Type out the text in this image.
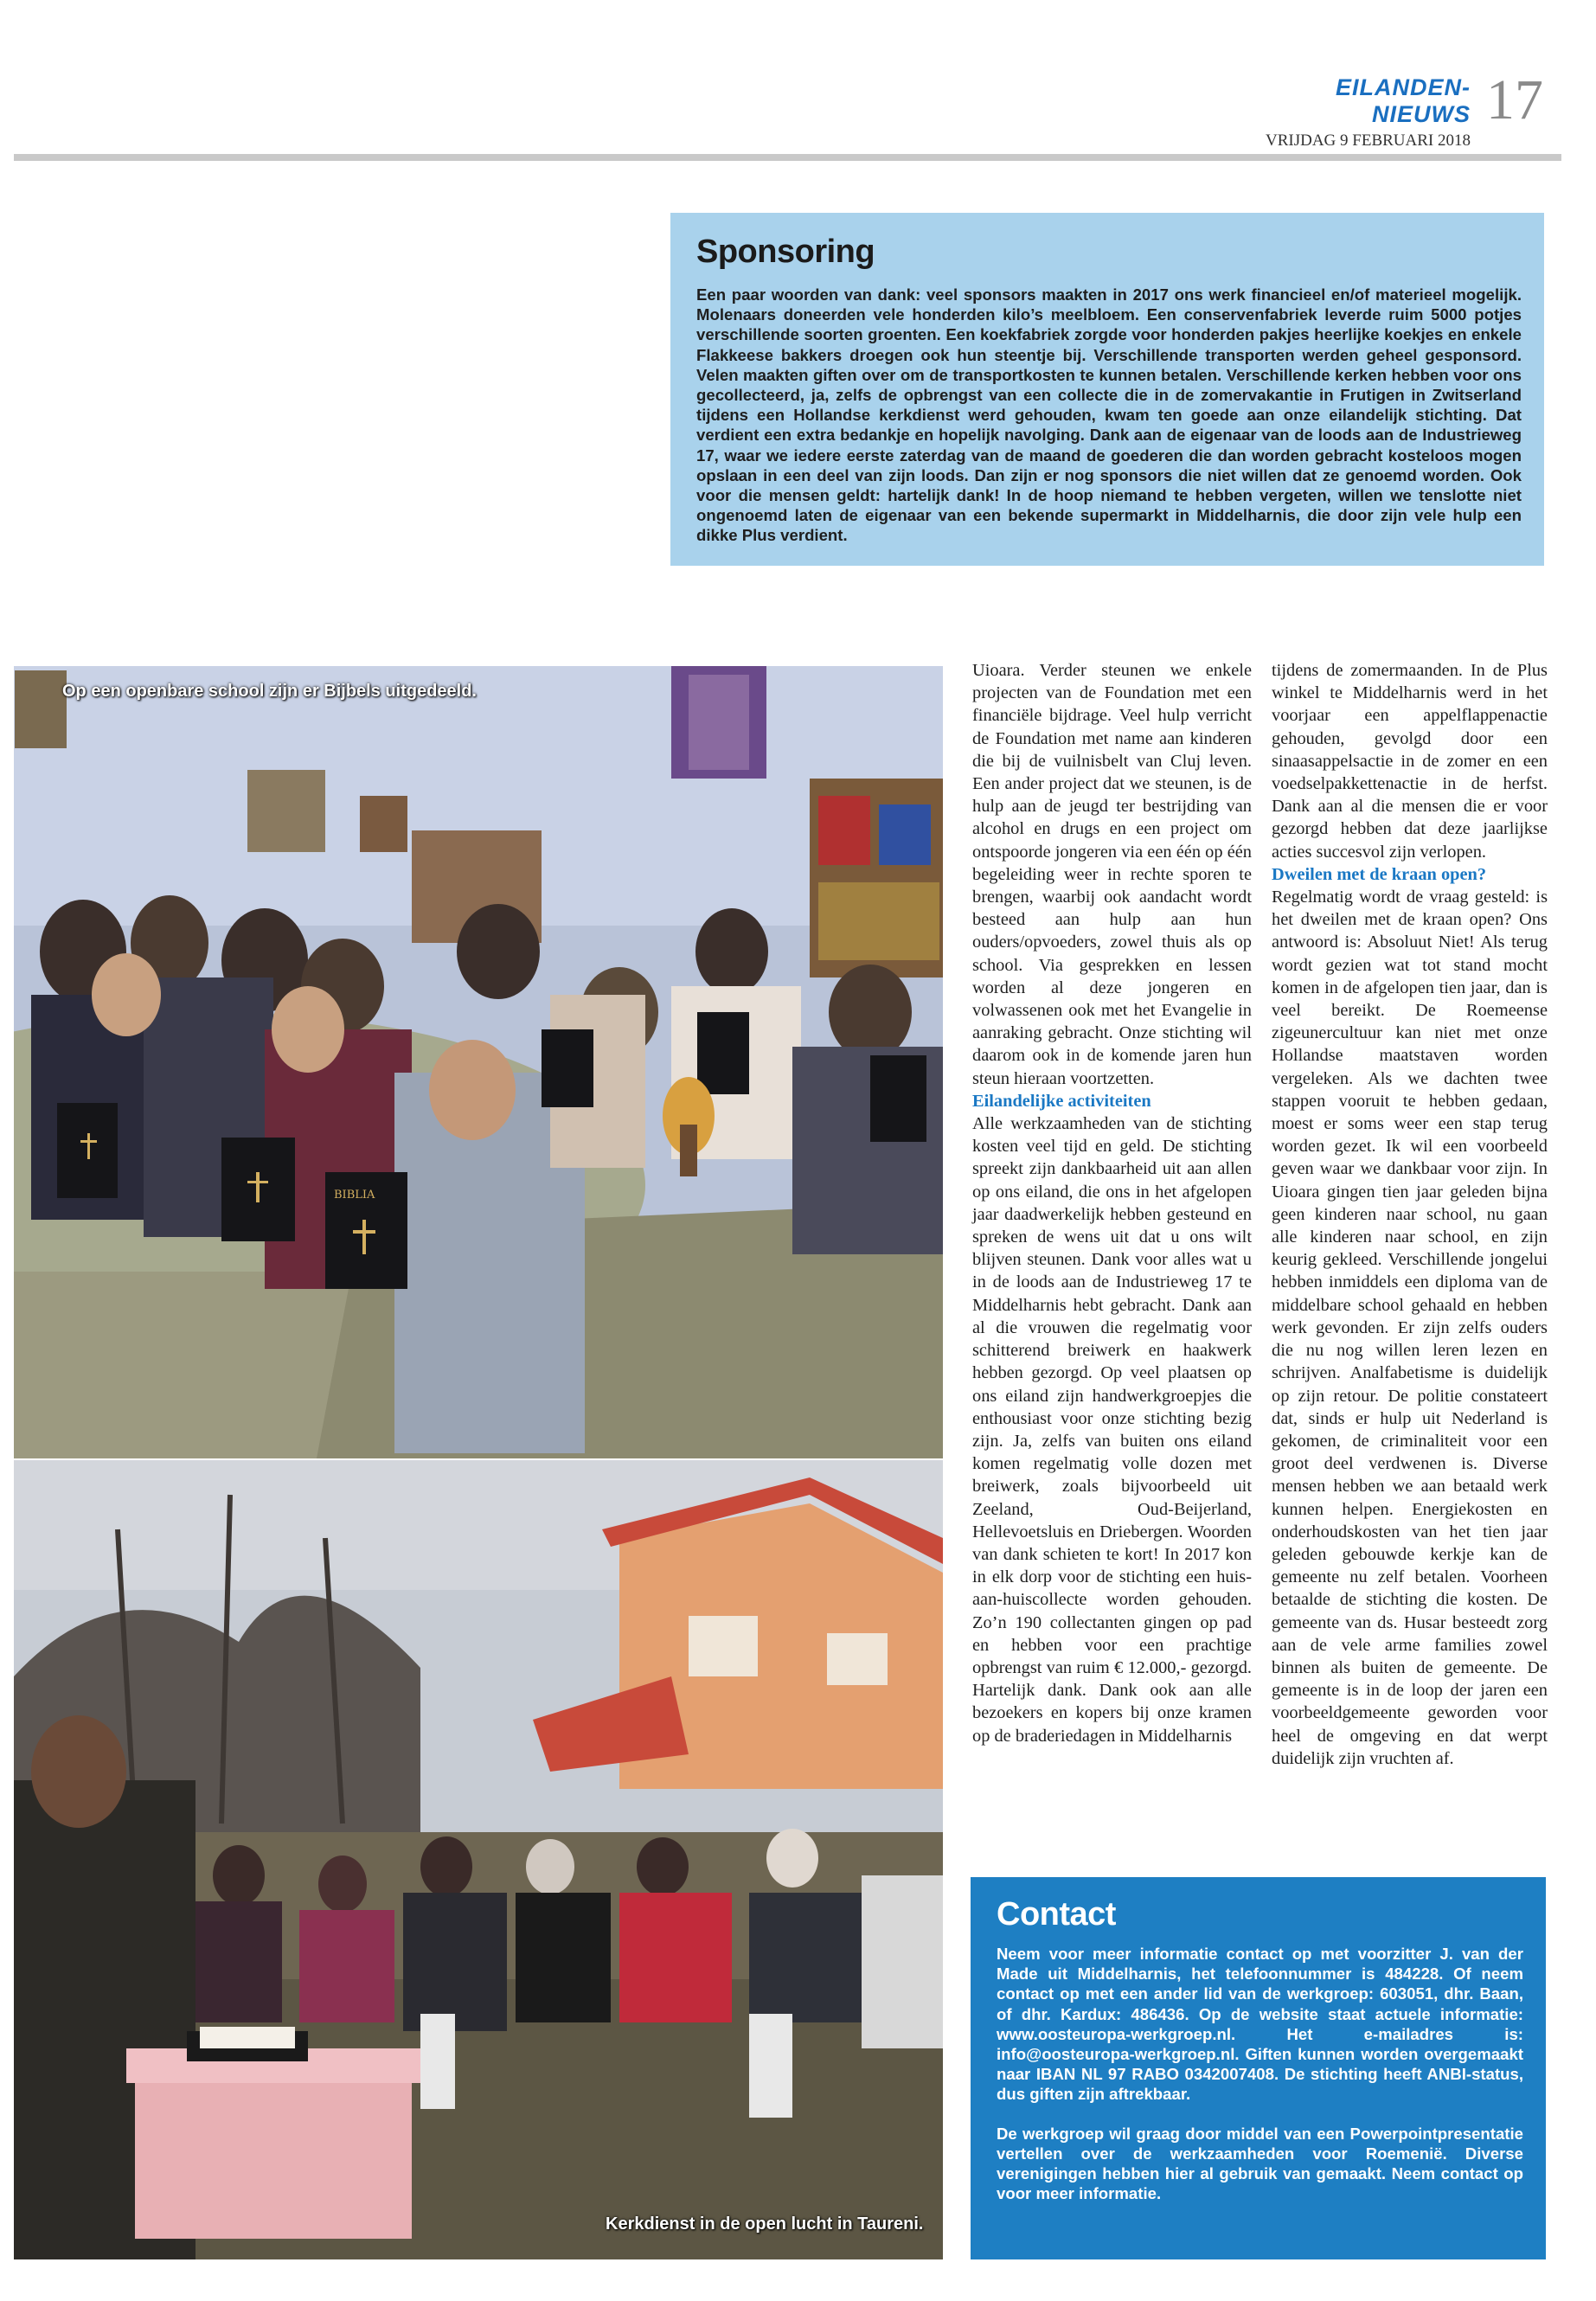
EILANDEN-NIEUWS
VRIJDAG 9 FEBRUARI 2018
17
Sponsoring
Een paar woorden van dank: veel sponsors maakten in 2017 ons werk financieel en/of materieel mogelijk. Molenaars doneerden vele honderden kilo’s meelbloem. Een conservenfabriek leverde ruim 5000 potjes verschillende soorten groenten. Een koekfabriek zorgde voor honderden pakjes heerlijke koekjes en enkele Flakkeese bakkers droegen ook hun steentje bij. Verschillende transporten werden geheel gesponsord. Velen maakten giften over om de transportkosten te kunnen betalen. Verschillende kerken hebben voor ons gecollecteerd, ja, zelfs de opbrengst van een collecte die in de zomervakantie in Frutigen in Zwitserland tijdens een Hollandse kerkdienst werd gehouden, kwam ten goede aan onze eilandelijk stichting. Dat verdient een extra bedankje en hopelijk navolging. Dank aan de eigenaar van de loods aan de Industrieweg 17, waar we iedere eerste zaterdag van de maand de goederen die dan worden gebracht kosteloos mogen opslaan in een deel van zijn loods. Dan zijn er nog sponsors die niet willen dat ze genoemd worden. Ook voor die mensen geldt: hartelijk dank! In de hoop niemand te hebben vergeten, willen we tenslotte niet ongenoemd laten de eigenaar van een bekende supermarkt in Middelharnis, die door zijn vele hulp een dikke Plus verdient.
BIBLIA
Op een openbare school zijn er Bijbels uitgedeeld.
Kerkdienst in de open lucht in Taureni.

Uioara. Verder steunen we enkele projecten van de Foundation met een financiële bijdrage. Veel hulp verricht de Foundation met name aan kinderen die bij de vuilnisbelt van Cluj leven. Een ander project dat we steunen, is de hulp aan de jeugd ter bestrijding van alcohol en drugs en een project om ontspoorde jongeren via een één op één begeleiding weer in rechte sporen te brengen, waarbij ook aandacht wordt besteed aan hulp aan hun ouders/opvoeders, zowel thuis als op school. Via gesprekken en lessen worden al deze jongeren en volwassenen ook met het Evangelie in aanraking gebracht. Onze stichting wil daarom ook in de komende jaren hun steun hieraan voortzetten.

Eilandelijke activiteiten

Alle werkzaamheden van de stichting kosten veel tijd en geld. De stichting spreekt zijn dankbaarheid uit aan allen op ons eiland, die ons in het afgelopen jaar daadwerkelijk hebben gesteund en spreken de wens uit dat u ons wilt blijven steunen. Dank voor alles wat u in de loods aan de Industrieweg 17 te Middelharnis hebt gebracht. Dank aan al die vrouwen die regelmatig voor schitterend breiwerk en haakwerk hebben gezorgd. Op veel plaatsen op ons eiland zijn handwerkgroepjes die enthousiast voor onze stichting bezig zijn. Ja, zelfs van buiten ons eiland komen regelmatig volle dozen met breiwerk, zoals bijvoorbeeld uit Zeeland, Oud-Beijerland, Hellevoetsluis en Driebergen. Woorden van dank schieten te kort! In 2017 kon in elk dorp voor de stichting een huis-aan-huiscollecte worden gehouden. Zo’n 190 collectanten gingen op pad en hebben voor een prachtige opbrengst van ruim € 12.000,- gezorgd. Hartelijk dank. Dank ook aan alle bezoekers en kopers bij onze kramen op de braderiedagen in Middelharnis

tijdens de zomermaanden. In de Plus winkel te Middelharnis werd in het voorjaar een appelflappenactie gehouden, gevolgd door een sinaasappelsactie in de zomer en een voedselpakkettenactie in de herfst. Dank aan al die mensen die er voor gezorgd hebben dat deze jaarlijkse acties succesvol zijn verlopen.

Dweilen met de kraan open?

Regelmatig wordt de vraag gesteld: is het dweilen met de kraan open? Ons antwoord is: Absoluut Niet! Als terug wordt gezien wat tot stand mocht komen in de afgelopen tien jaar, dan is veel bereikt. De Roemeense zigeunercultuur kan niet met onze Hollandse maatstaven worden vergeleken. Als we dachten twee stappen vooruit te hebben gedaan, moest er soms weer een stap terug worden gezet. Ik wil een voorbeeld geven waar we dankbaar voor zijn. In Uioara gingen tien jaar geleden bijna geen kinderen naar school, nu gaan alle kinderen naar school, en zijn keurig gekleed. Verschillende jongelui hebben inmiddels een diploma van de middelbare school gehaald en hebben werk gevonden. Er zijn zelfs ouders die nu nog willen leren lezen en schrijven. Analfabetisme is duidelijk op zijn retour. De politie constateert dat, sinds er hulp uit Nederland is gekomen, de criminaliteit voor een groot deel verdwenen is. Diverse mensen hebben we aan betaald werk kunnen helpen. Energiekosten en onderhoudskosten van het tien jaar geleden gebouwde kerkje kan de gemeente nu zelf betalen. Voorheen betaalde de stichting die kosten. De gemeente van ds. Husar besteedt zorg aan de vele arme families zowel binnen als buiten de gemeente. De gemeente is in de loop der jaren een voorbeeldgemeente geworden voor heel de omgeving en dat werpt duidelijk zijn vruchten af.

Contact

Neem voor meer informatie contact op met voorzitter J. van der Made uit Middelharnis, het telefoonnummer is 484228. Of neem contact op met een ander lid van de werkgroep: 603051, dhr. Baan, of dhr. Kardux: 486436. Op de website staat actuele informatie: www.oosteuropa-werkgroep.nl. Het e-mailadres is: info@oosteuropa-werkgroep.nl. Giften kunnen worden overgemaakt naar IBAN NL 97 RABO 0342007408. De stichting heeft ANBI-status, dus giften zijn aftrekbaar.

De werkgroep wil graag door middel van een Powerpointpresentatie vertellen over de werkzaamheden voor Roemenië. Diverse verenigingen hebben hier al gebruik van gemaakt. Neem contact op voor meer informatie.
